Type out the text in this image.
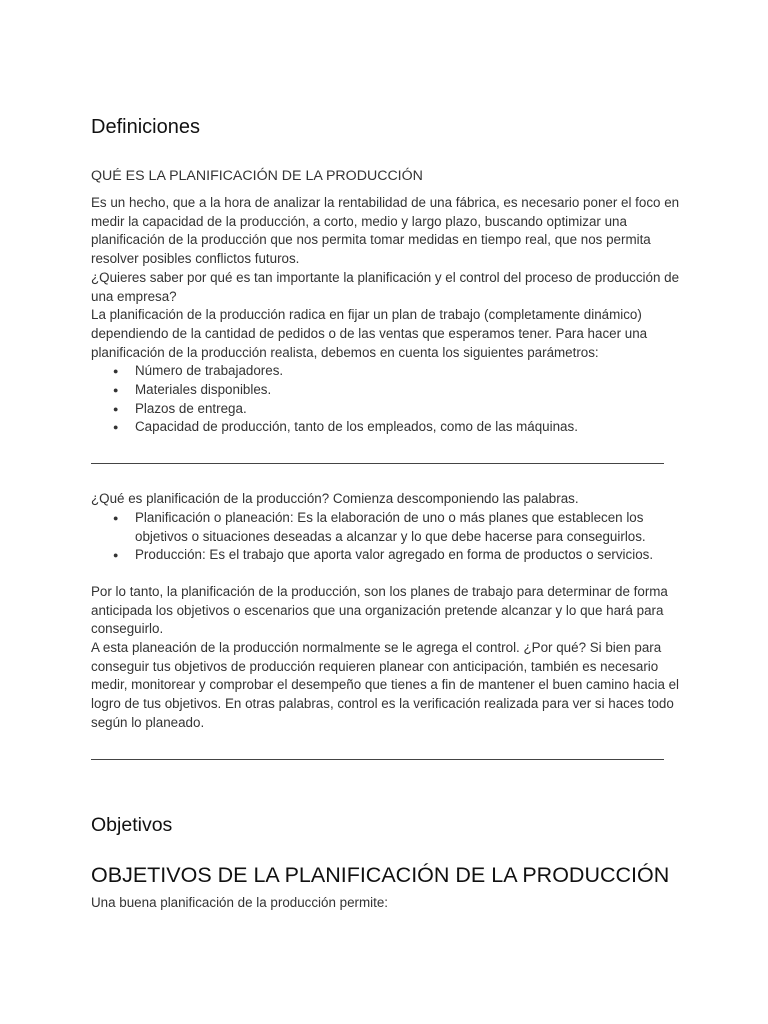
Definiciones
QUÉ ES LA PLANIFICACIÓN DE LA PRODUCCIÓN

Es un hecho, que a la hora de analizar la rentabilidad de una fábrica, es necesario poner el foco en medir la capacidad de la producción, a corto, medio y largo plazo, buscando optimizar una planificación de la producción que nos permita tomar medidas en tiempo real, que nos permita resolver posibles conflictos futuros.

¿Quieres saber por qué es tan importante la planificación y el control del proceso de producción de una empresa?

La planificación de la producción radica en fijar un plan de trabajo (completamente dinámico) dependiendo de la cantidad de pedidos o de las ventas que esperamos tener. Para hacer una planificación de la producción realista, debemos en cuenta los siguientes parámetros:

● Número de trabajadores.
● Materiales disponibles.
● Plazos de entrega.
● Capacidad de producción, tanto de los empleados, como de las máquinas.

¿Qué es planificación de la producción? Comienza descomponiendo las palabras.

● Planificación o planeación: Es la elaboración de uno o más planes que establecen los objetivos o situaciones deseadas a alcanzar y lo que debe hacerse para conseguirlos.
● Producción: Es el trabajo que aporta valor agregado en forma de productos o servicios.

Por lo tanto, la planificación de la producción, son los planes de trabajo para determinar de forma anticipada los objetivos o escenarios que una organización pretende alcanzar y lo que hará para conseguirlo.

A esta planeación de la producción normalmente se le agrega el control. ¿Por qué? Si bien para conseguir tus objetivos de producción requieren planear con anticipación, también es necesario medir, monitorear y comprobar el desempeño que tienes a fin de mantener el buen camino hacia el logro de tus objetivos. En otras palabras, control es la verificación realizada para ver si haces todo según lo planeado.

Objetivos
OBJETIVOS DE LA PLANIFICACIÓN DE LA PRODUCCIÓN

Una buena planificación de la producción permite:
